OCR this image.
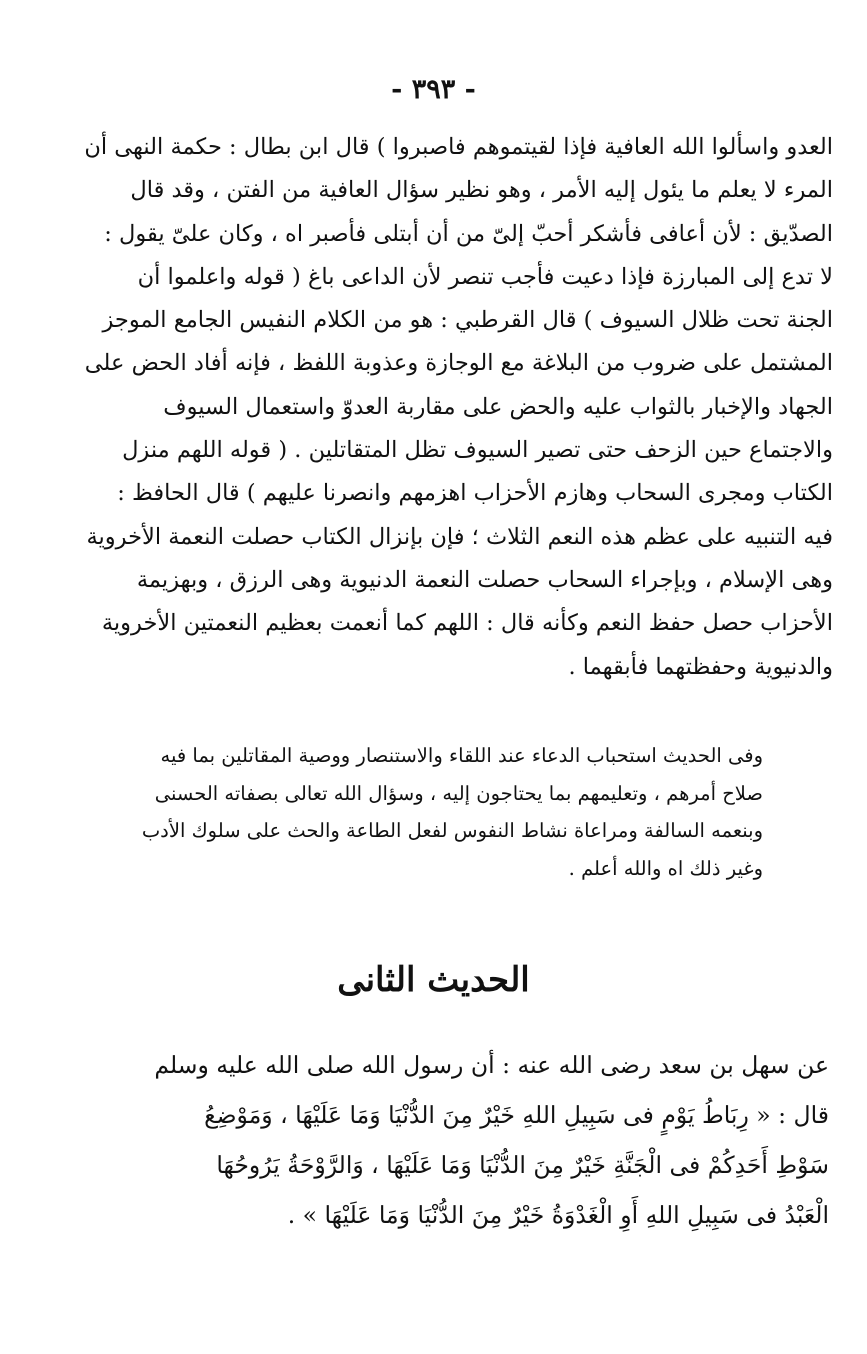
- ٣٩٣ -

العدو واسألوا الله العافية فإذا لقيتموهم فاصبروا ) قال ابن بطال : حكمة النهى أن
المرء لا يعلم ما يئول إليه الأمر ، وهو نظير سؤال العافية من الفتن ، وقد قال
الصدّيق : لأن أعافى فأشكر أحبّ إلىّ من أن أبتلى فأصبر اه ، وكان علىّ يقول :
لا تدع إلى المبارزة فإذا دعيت فأجب تنصر لأن الداعى باغ ( قوله واعلموا أن
الجنة تحت ظلال السيوف ) قال القرطبي : هو من الكلام النفيس الجامع الموجز
المشتمل على ضروب من البلاغة مع الوجازة وعذوبة اللفظ ، فإنه أفاد الحض على
الجهاد والإخبار بالثواب عليه والحض على مقاربة العدوّ واستعمال السيوف
والاجتماع حين الزحف حتى تصير السيوف تظل المتقاتلين . ( قوله اللهم منزل
الكتاب ومجرى السحاب وهازم الأحزاب اهزمهم وانصرنا عليهم ) قال الحافظ :
فيه التنبيه على عظم هذه النعم الثلاث ؛ فإن بإنزال الكتاب حصلت النعمة الأخروية
وهى الإسلام ، وبإجراء السحاب حصلت النعمة الدنيوية وهى الرزق ، وبهزيمة
الأحزاب حصل حفظ النعم وكأنه قال : اللهم كما أنعمت بعظيم النعمتين الأخروية
والدنيوية وحفظتهما فأبقهما .

وفى الحديث استحباب الدعاء عند اللقاء والاستنصار ووصية المقاتلين بما فيه
صلاح أمرهم ، وتعليمهم بما يحتاجون إليه ، وسؤال الله تعالى بصفاته الحسنى
وبنعمه السالفة ومراعاة نشاط النفوس لفعل الطاعة والحث على سلوك الأدب
وغير ذلك اه والله أعلم .

الحديث الثانى

عن سهل بن سعد رضى الله عنه : أن رسول الله صلى الله عليه وسلم
قال : « رِبَاطُ يَوْمٍ فى سَبِيلِ اللهِ خَيْرٌ مِنَ الدُّنْيَا وَمَا عَلَيْهَا ، وَمَوْضِعُ
سَوْطِ أَحَدِكُمْ فى الْجَنَّةِ خَيْرٌ مِنَ الدُّنْيَا وَمَا عَلَيْهَا ، وَالرَّوْحَةُ يَرُوحُهَا
الْعَبْدُ فى سَبِيلِ اللهِ أَوِ الْغَدْوَةُ خَيْرٌ مِنَ الدُّنْيَا وَمَا عَلَيْهَا » .
